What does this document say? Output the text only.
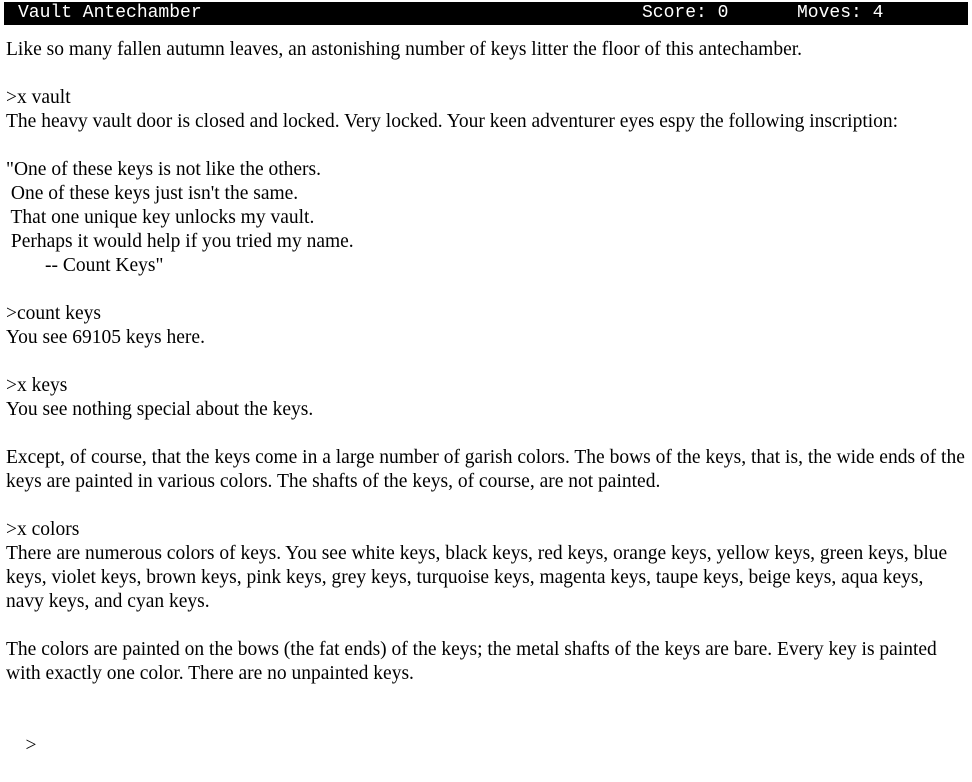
Vault Antechamber

	Score: 0

	Moves: 4

Like so many fallen autumn leaves, an astonishing number of keys litter the floor of this antechamber.

>x vault

The heavy vault door is closed and locked. Very locked. Your keen adventurer eyes espy the following inscription:

"One of these keys is not like the others.
One of these keys just isn't the same.
That one unique key unlocks my vault.
Perhaps it would help if you tried my name.
-- Count Keys"
>count keys

You see 69105 keys here.

>x keys

You see nothing special about the keys.

Except, of course, that the keys come in a large number of garish colors. The bows of the keys, that is, the wide ends of the keys are painted in various colors. The shafts of the keys, of course, are not painted.

>x colors

There are numerous colors of keys. You see white keys, black keys, red keys, orange keys, yellow keys, green keys, blue keys, violet keys, brown keys, pink keys, grey keys, turquoise keys, magenta keys, taupe keys, beige keys, aqua keys, navy keys, and cyan keys.

The colors are painted on the bows (the fat ends) of the keys; the metal shafts of the keys are bare. Every key is painted with exactly one color. There are no unpainted keys.

>
